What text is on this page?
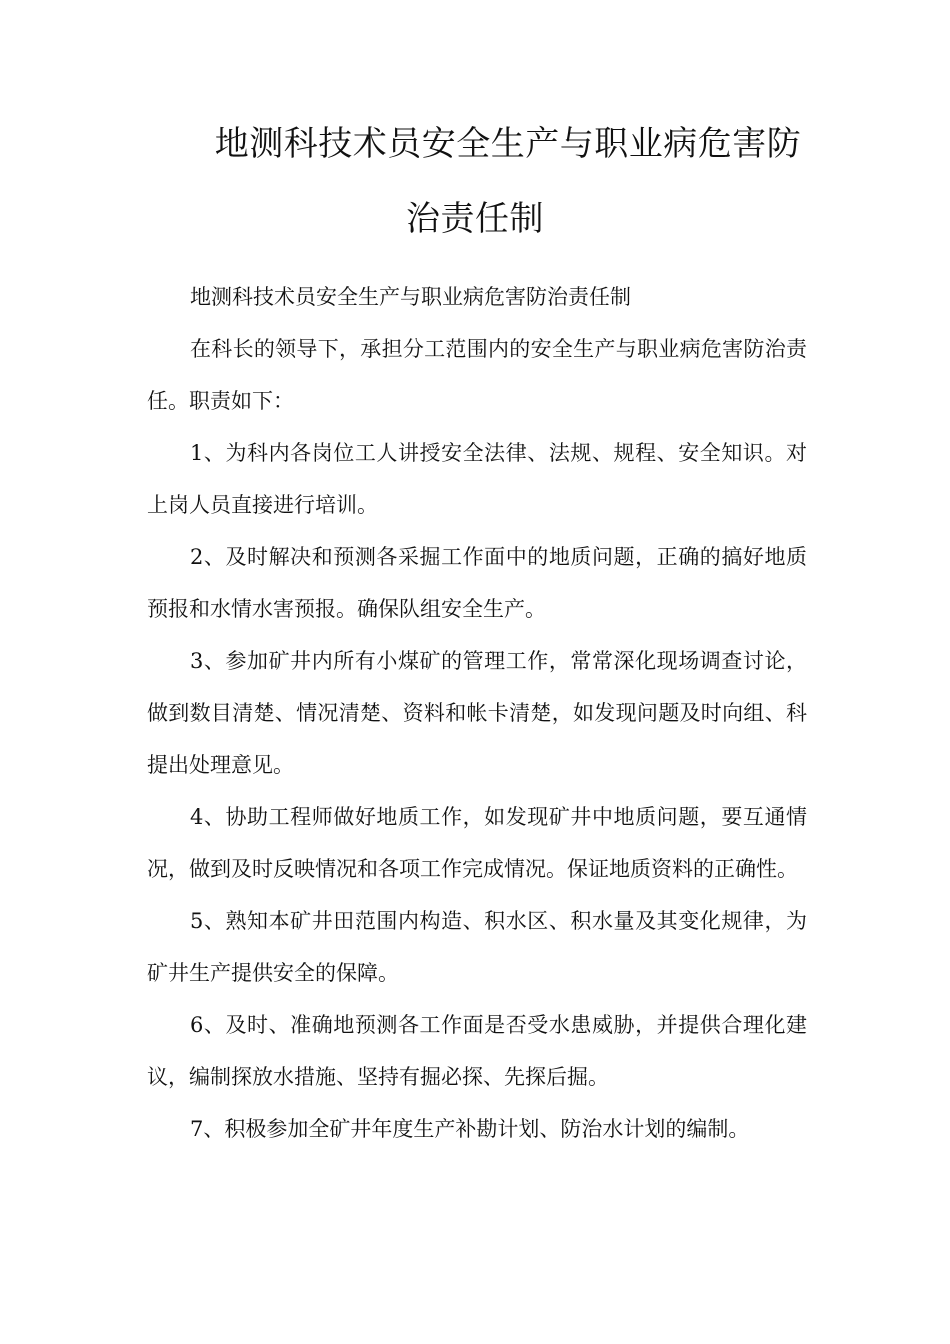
地测科技术员安全生产与职业病危害防
治责任制

地测科技术员安全生产与职业病危害防治责任制

在科长的领导下，承担分工范围内的安全生产与职业病危害防治责任。职责如下：

1、为科内各岗位工人讲授安全法律、法规、规程、安全知识。对上岗人员直接进行培训。

2、及时解决和预测各采掘工作面中的地质问题，正确的搞好地质预报和水情水害预报。确保队组安全生产。

3、参加矿井内所有小煤矿的管理工作，常常深化现场调查讨论，做到数目清楚、情况清楚、资料和帐卡清楚，如发现问题及时向组、科提出处理意见。

4、协助工程师做好地质工作，如发现矿井中地质问题，要互通情况，做到及时反映情况和各项工作完成情况。保证地质资料的正确性。

5、熟知本矿井田范围内构造、积水区、积水量及其变化规律，为矿井生产提供安全的保障。

6、及时、准确地预测各工作面是否受水患威胁，并提供合理化建议，编制探放水措施、坚持有掘必探、先探后掘。

7、积极参加全矿井年度生产补勘计划、防治水计划的编制。
